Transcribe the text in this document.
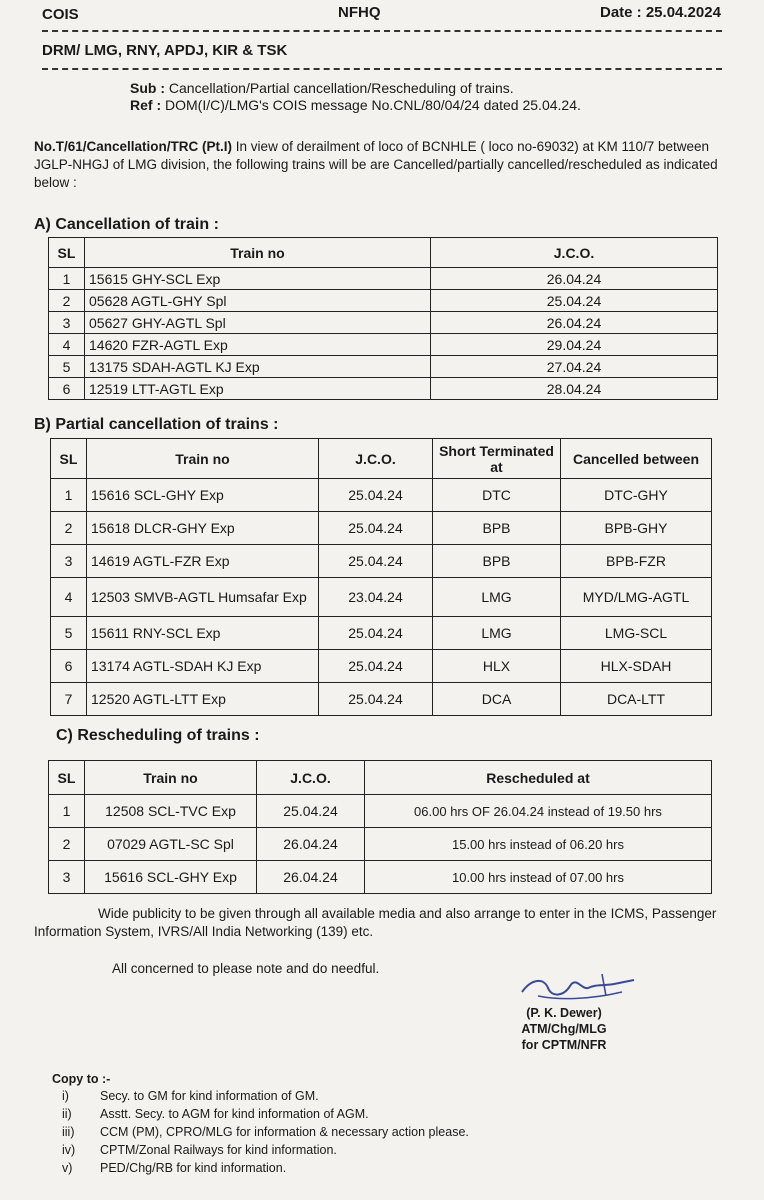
COIS	NFHQ	Date : 25.04.2024
DRM/ LMG, RNY, APDJ, KIR & TSK
Sub : Cancellation/Partial cancellation/Rescheduling of trains.
Ref : DOM(I/C)/LMG's COIS message No.CNL/80/04/24 dated 25.04.24.
No.T/61/Cancellation/TRC (Pt.I) In view of derailment of loco of BCNHLE ( loco no-69032) at KM 110/7 between JGLP-NHGJ of LMG division, the following trains will be are Cancelled/partially cancelled/rescheduled as indicated below :
A) Cancellation of train :
SL	Train no	J.C.O.
1	15615 GHY-SCL Exp	26.04.24
2	05628 AGTL-GHY Spl	25.04.24
3	05627 GHY-AGTL Spl	26.04.24
4	14620 FZR-AGTL Exp	29.04.24
5	13175 SDAH-AGTL KJ Exp	27.04.24
6	12519 LTT-AGTL Exp	28.04.24
B) Partial cancellation of trains :
SL	Train no	J.C.O.	Short Terminated at	Cancelled between
1	15616 SCL-GHY Exp	25.04.24	DTC	DTC-GHY
2	15618 DLCR-GHY Exp	25.04.24	BPB	BPB-GHY
3	14619 AGTL-FZR Exp	25.04.24	BPB	BPB-FZR
4	12503 SMVB-AGTL Humsafar Exp	23.04.24	LMG	MYD/LMG-AGTL
5	15611 RNY-SCL Exp	25.04.24	LMG	LMG-SCL
6	13174 AGTL-SDAH KJ Exp	25.04.24	HLX	HLX-SDAH
7	12520 AGTL-LTT Exp	25.04.24	DCA	DCA-LTT
C) Rescheduling of trains :
SL	Train no	J.C.O.	Rescheduled at
1	12508 SCL-TVC Exp	25.04.24	06.00 hrs OF 26.04.24 instead of 19.50 hrs
2	07029 AGTL-SC Spl	26.04.24	15.00 hrs instead of 06.20 hrs
3	15616 SCL-GHY Exp	26.04.24	10.00 hrs instead of 07.00 hrs
Wide publicity to be given through all available media and also arrange to enter in the ICMS, Passenger Information System, IVRS/All India Networking (139) etc.
All concerned to please note and do needful.
(P. K. Dewer)
ATM/Chg/MLG
for CPTM/NFR
Copy to :-
i) Secy. to GM for kind information of GM.
ii) Asstt. Secy. to AGM for kind information of AGM.
iii) CCM (PM), CPRO/MLG for information & necessary action please.
iv) CPTM/Zonal Railways for kind information.
v) PED/Chg/RB for kind information.
